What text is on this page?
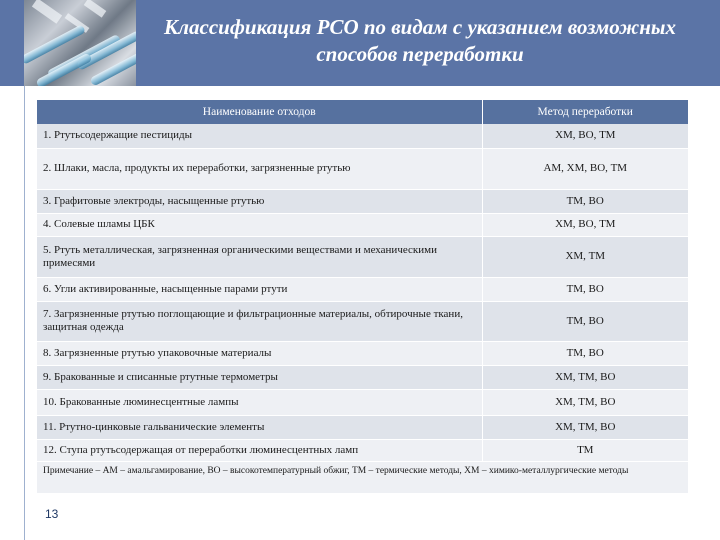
Классификация РСО по видам с указанием возможных способов переработки
Наименование отходов	Метод переработки
1. Ртутьсодержащие пестициды	ХМ, ВО, ТМ
2. Шлаки, масла, продукты их переработки, загрязненные ртутью	АМ, ХМ, ВО, ТМ
3. Графитовые электроды, насыщенные ртутью	ТМ, ВО
4. Солевые шламы ЦБК	ХМ, ВО, ТМ
5. Ртуть металлическая, загрязненная органическими веществами и механическими примесями	ХМ, ТМ
6. Угли активированные, насыщенные парами ртути	ТМ, ВО
7. Загрязненные ртутью поглощающие и фильтрационные материалы, обтирочные ткани, защитная одежда	ТМ, ВО
8. Загрязненные ртутью упаковочные материалы	ТМ, ВО
9. Бракованные и списанные ртутные термометры	ХМ, ТМ, ВО
10. Бракованные люминесцентные лампы	ХМ, ТМ, ВО
11. Ртутно-цинковые гальванические элементы	ХМ, ТМ, ВО
12. Ступа ртутьсодержащая от переработки люминесцентных ламп	ТМ
Примечание – АМ – амальгамирование, ВО – высокотемпературный обжиг, ТМ – термические методы, ХМ – химико-металлургические методы	
13
